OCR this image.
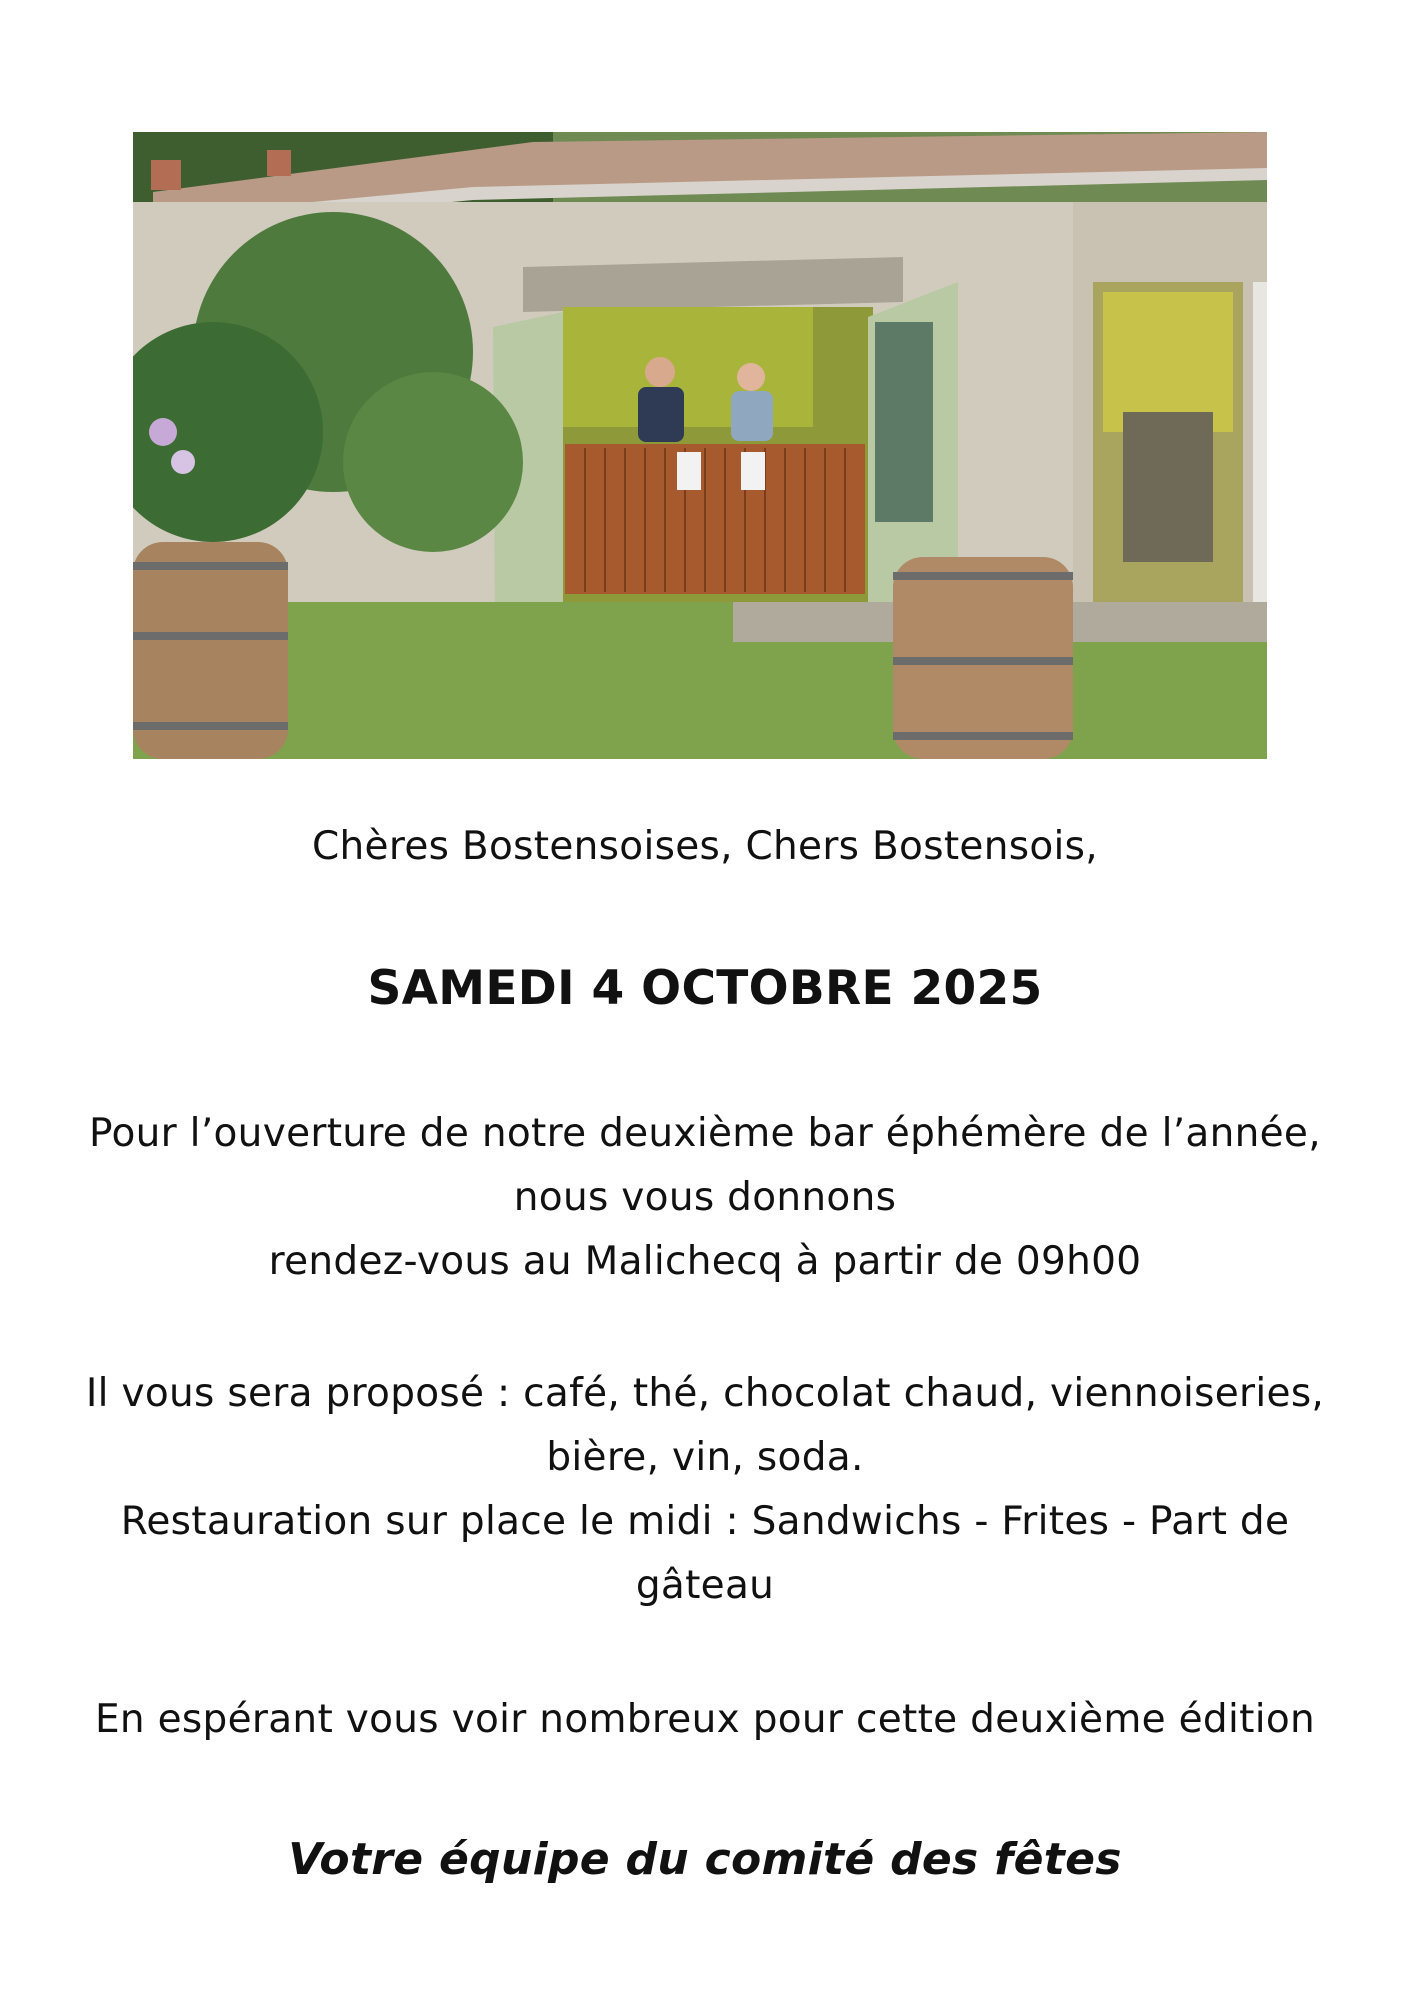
Chères Bostensoises, Chers Bostensois,
SAMEDI 4 OCTOBRE 2025
Pour l’ouverture de notre deuxième bar éphémère de l’année,
nous vous donnons
rendez-vous au Malichecq à partir de 09h00
Il vous sera proposé : café, thé, chocolat chaud, viennoiseries,
bière, vin, soda.
Restauration sur place le midi : Sandwichs - Frites - Part de
gâteau
En espérant vous voir nombreux pour cette deuxième édition
Votre équipe du comité des fêtes
